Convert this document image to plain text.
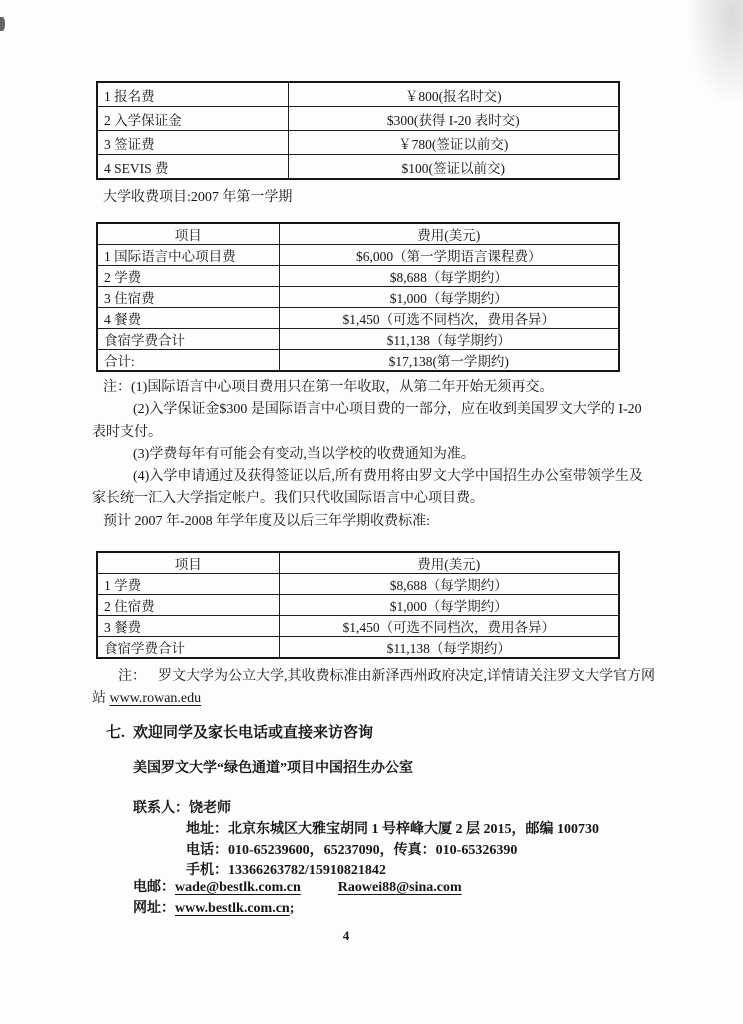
1 报名费	￥800(报名时交)
2 入学保证金	$300(获得 I-20 表时交)
3 签证费	￥780(签证以前交)
4 SEVIS 费	$100(签证以前交)
大学收费项目:2007 年第一学期
项目	费用(美元)
1 国际语言中心项目费	$6,000（第一学期语言课程费）
2 学费	$8,688（每学期约）
3 住宿费	$1,000（每学期约）
4 餐费	$1,450（可选不同档次，费用各异）
食宿学费合计	$11,138（每学期约）
合计:	$17,138(第一学期约)
注：(1)国际语言中心项目费用只在第一年收取，从第二年开始无须再交。
(2)入学保证金$300 是国际语言中心项目费的一部分，应在收到美国罗文大学的 I-20
表时支付。
(3)学费每年有可能会有变动,当以学校的收费通知为准。
(4)入学申请通过及获得签证以后,所有费用将由罗文大学中国招生办公室带领学生及
家长统一汇入大学指定帐户。我们只代收国际语言中心项目费。
预计 2007 年-2008 年学年度及以后三年学期收费标准:
项目	费用(美元)
1 学费	$8,688（每学期约）
2 住宿费	$1,000（每学期约）
3 餐费	$1,450（可选不同档次，费用各异）
食宿学费合计	$11,138（每学期约）
注： 罗文大学为公立大学,其收费标准由新泽西州政府决定,详情请关注罗文大学官方网
站 www.rowan.edu
七. 欢迎同学及家长电话或直接来访咨询
美国罗文大学“绿色通道”项目中国招生办公室
联系人：饶老师
地址：北京东城区大雅宝胡同 1 号梓峰大厦 2 层 2015，邮编 100730
电话：010-65239600，65237090，传真：010-65326390
手机：13366263782/15910821842
电邮：wade@bestlk.com.cn	Raowei88@sina.com
网址：www.bestlk.com.cn;
4
